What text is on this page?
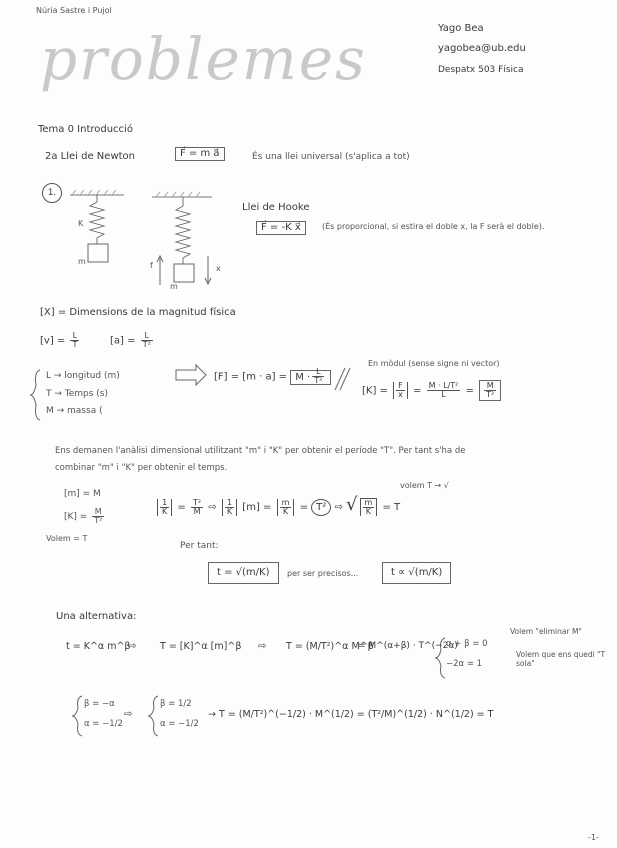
Núria Sastre i Pujol
problemes	Yago Bea
yagobea@ub.edu
Despatx 503 Física
Tema 0 Introducció
2a Llei de Newton	F⃗ = m a⃗	És una llei universal (s'aplica a tot)
1.
K
m
m
f	x
Llei de Hooke
F⃗ = -K x⃗	(És proporcional, si estira el doble x, la F serà el doble).
[X] = Dimensions de la magnitud física
$[v] = \frac{L}{T}$	$[a] = \frac{L}{\text{T²}}$
L → longitud (m)
T → Temps (s)
M → massa (
$[F] = [m \cdot a] = M \cdot \frac{L}{\text{T²}}$
En mòdul (sense signe ni vector)
$[K] = \frac{F}{x} = \frac{\text{M · L/T²}}{L} = \frac{M}{\text{T²}}$
Ens demanen l'anàlisi dimensional utilitzant "m" i "K" per obtenir el període "T". Per tant s'ha de
combinar "m" i "K" per obtenir el temps.
[m] = M
$[K] = \frac{M}{\text{T²}}$
Volem = T
$\frac{1}{K} = \frac{\text{T²}}{M}$ ⇨ $\frac{1}{K} [m] = \frac{m}{K} = T^2$ ⇨ √ $\frac{m}{K} = T$
volem T → √
Per tant:
t = √(m/K)	per ser precisos...	t ∝ √(m/K)
Una alternativa:
t = K^α m^β
⇨ T = [K]^α [m]^β ⇨ T = (M/T²)^α M^β
= M^(α+β) · T^(−2α)
α + β = 0
−2α = 1
Volem "eliminar M"
Volem que ens quedi "T sola"
β = −α
α = −1/2
⇨
β = 1/2
α = −1/2
→ T = (M/T²)^(−1/2) · M^(1/2) = (T²/M)^(1/2) · N^(1/2) = T
-1-
